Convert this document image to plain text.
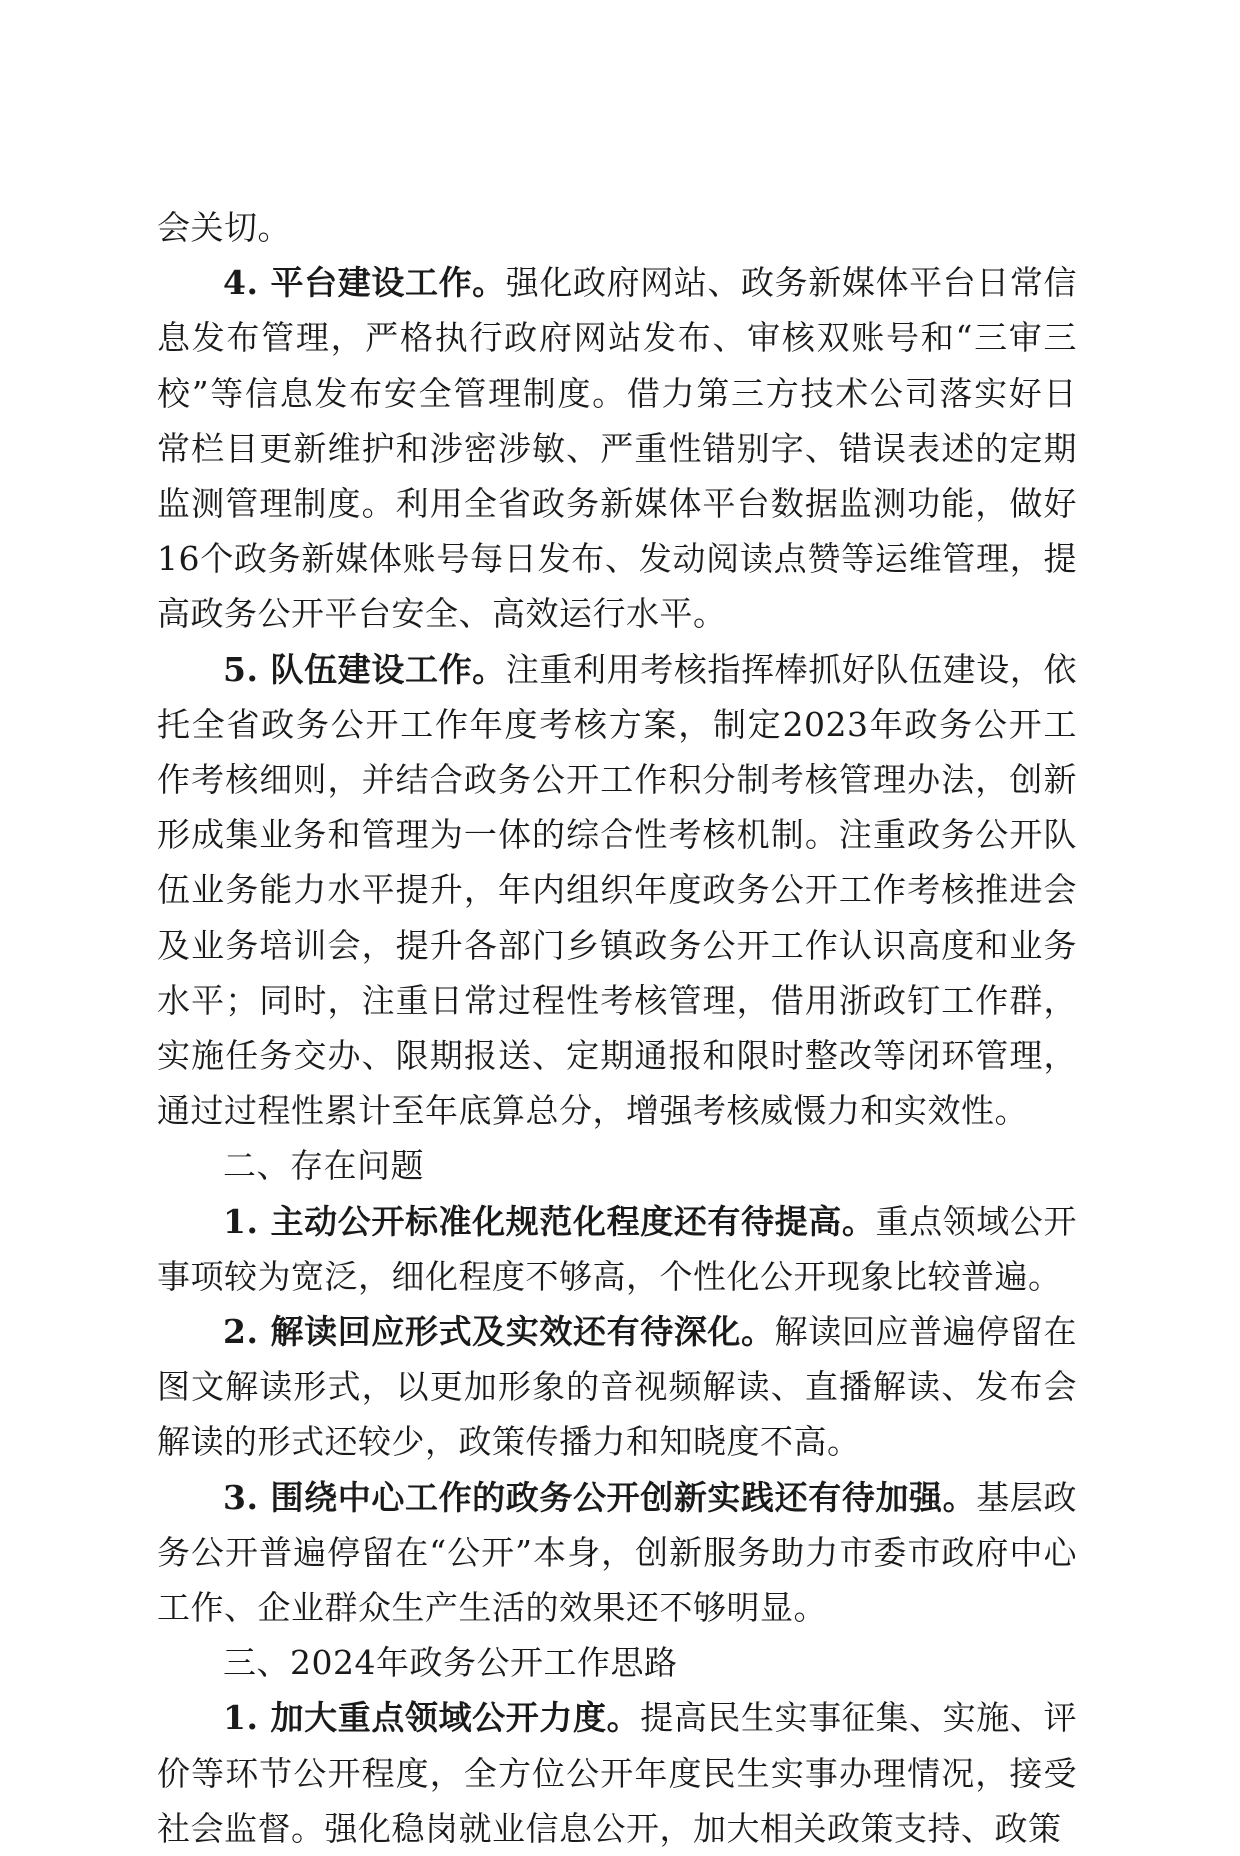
会关切。

4. 平台建设工作。强化政府网站、政务新媒体平台日常信息发布管理，严格执行政府网站发布、审核双账号和“三审三校”等信息发布安全管理制度。借力第三方技术公司落实好日常栏目更新维护和涉密涉敏、严重性错别字、错误表述的定期监测管理制度。利用全省政务新媒体平台数据监测功能，做好16个政务新媒体账号每日发布、发动阅读点赞等运维管理，提高政务公开平台安全、高效运行水平。

5. 队伍建设工作。注重利用考核指挥棒抓好队伍建设，依托全省政务公开工作年度考核方案，制定2023年政务公开工作考核细则，并结合政务公开工作积分制考核管理办法，创新形成集业务和管理为一体的综合性考核机制。注重政务公开队伍业务能力水平提升，年内组织年度政务公开工作考核推进会及业务培训会，提升各部门乡镇政务公开工作认识高度和业务水平；同时，注重日常过程性考核管理，借用浙政钉工作群，实施任务交办、限期报送、定期通报和限时整改等闭环管理，通过过程性累计至年底算总分，增强考核威慑力和实效性。

二、存在问题

1. 主动公开标准化规范化程度还有待提高。重点领域公开事项较为宽泛，细化程度不够高，个性化公开现象比较普遍。

2. 解读回应形式及实效还有待深化。解读回应普遍停留在图文解读形式，以更加形象的音视频解读、直播解读、发布会解读的形式还较少，政策传播力和知晓度不高。

3. 围绕中心工作的政务公开创新实践还有待加强。基层政务公开普遍停留在“公开”本身，创新服务助力市委市政府中心工作、企业群众生产生活的效果还不够明显。

三、2024年政务公开工作思路

1. 加大重点领域公开力度。提高民生实事征集、实施、评价等环节公开程度，全方位公开年度民生实事办理情况，接受社会监督。强化稳岗就业信息公开，加大相关政策支持、政策
